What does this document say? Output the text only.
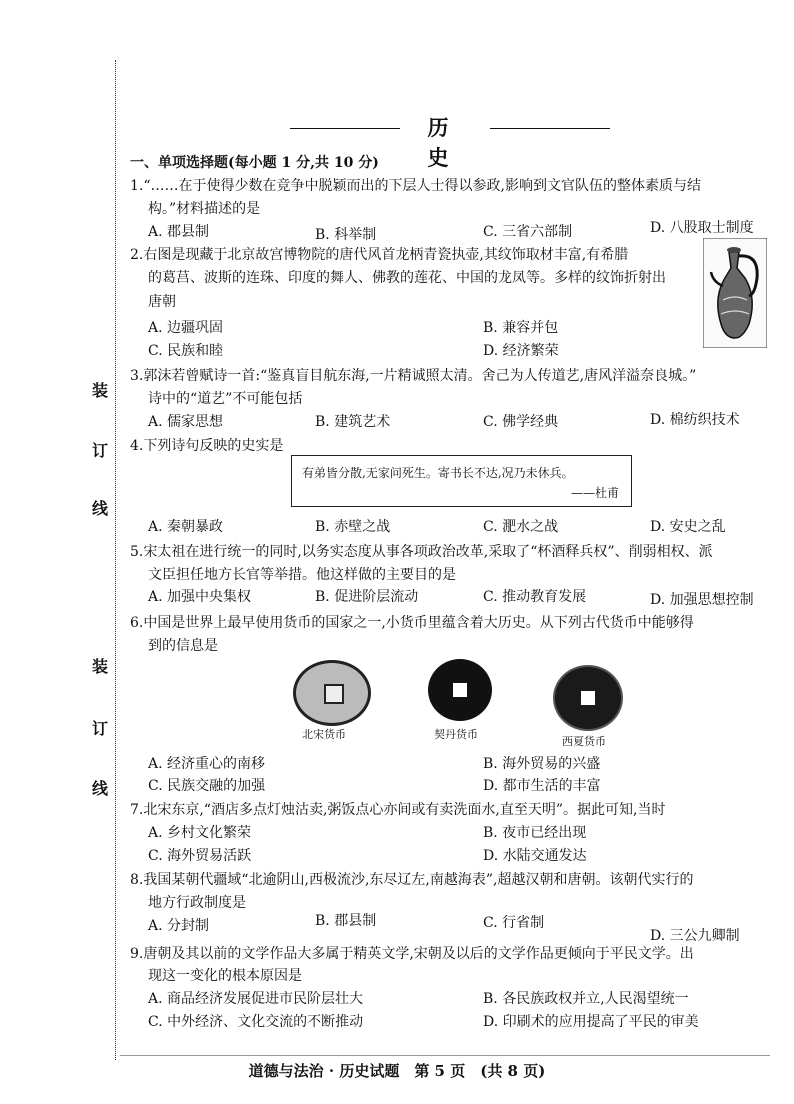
装
订
线
装
订
线
历　史
一、单项选择题(每小题 1 分,共 10 分)
1.“……在于使得少数在竞争中脱颖而出的下层人士得以参政,影响到文官队伍的整体素质与结
构。”材料描述的是
A. 郡县制	B. 科举制	C. 三省六部制	D. 八股取士制度
2.右图是现藏于北京故宫博物院的唐代风首龙柄青瓷执壶,其纹饰取材丰富,有希腊
的葛莒、波斯的连珠、印度的舞人、佛教的莲花、中国的龙凤等。多样的纹饰折射出
唐朝
A. 边疆巩固	B. 兼容并包
C. 民族和睦	D. 经济繁荣
3.郭沫若曾赋诗一首:“鉴真盲目航东海,一片精诚照太清。舍己为人传道艺,唐风洋溢奈良城。”
诗中的“道艺”不可能包括
A. 儒家思想	B. 建筑艺术	C. 佛学经典	D. 棉纺织技术
4.下列诗句反映的史实是
有弟皆分散,无家问死生。寄书长不达,况乃未休兵。
——杜甫
A. 秦朝暴政	B. 赤壁之战	C. 淝水之战	D. 安史之乱
5.宋太祖在进行统一的同时,以务实态度从事各项政治改革,采取了“杯酒释兵权”、削弱相权、派
文臣担任地方长官等举措。他这样做的主要目的是
A. 加强中央集权	B. 促进阶层流动	C. 推动教育发展	D. 加强思想控制
6.中国是世界上最早使用货币的国家之一,小货币里蕴含着大历史。从下列古代货币中能够得
到的信息是
北宋货币	契丹货币
西夏货币
A. 经济重心的南移	B. 海外贸易的兴盛
C. 民族交融的加强	D. 都市生活的丰富
7.北宋东京,“酒店多点灯烛沽卖,粥饭点心亦间或有卖洗面水,直至天明”。据此可知,当时
A. 乡村文化繁荣	B. 夜市已经出现
C. 海外贸易活跃	D. 水陆交通发达
8.我国某朝代疆域“北逾阴山,西极流沙,东尽辽左,南越海表”,超越汉朝和唐朝。该朝代实行的
地方行政制度是
A. 分封制	B. 郡县制	C. 行省制
D. 三公九卿制
9.唐朝及其以前的文学作品大多属于精英文学,宋朝及以后的文学作品更倾向于平民文学。出
现这一变化的根本原因是
A. 商品经济发展促进市民阶层壮大	B. 各民族政权并立,人民渴望统一
C. 中外经济、文化交流的不断推动	D. 印刷术的应用提高了平民的审美
道德与法治 · 历史试题　第 5 页　(共 8 页)
